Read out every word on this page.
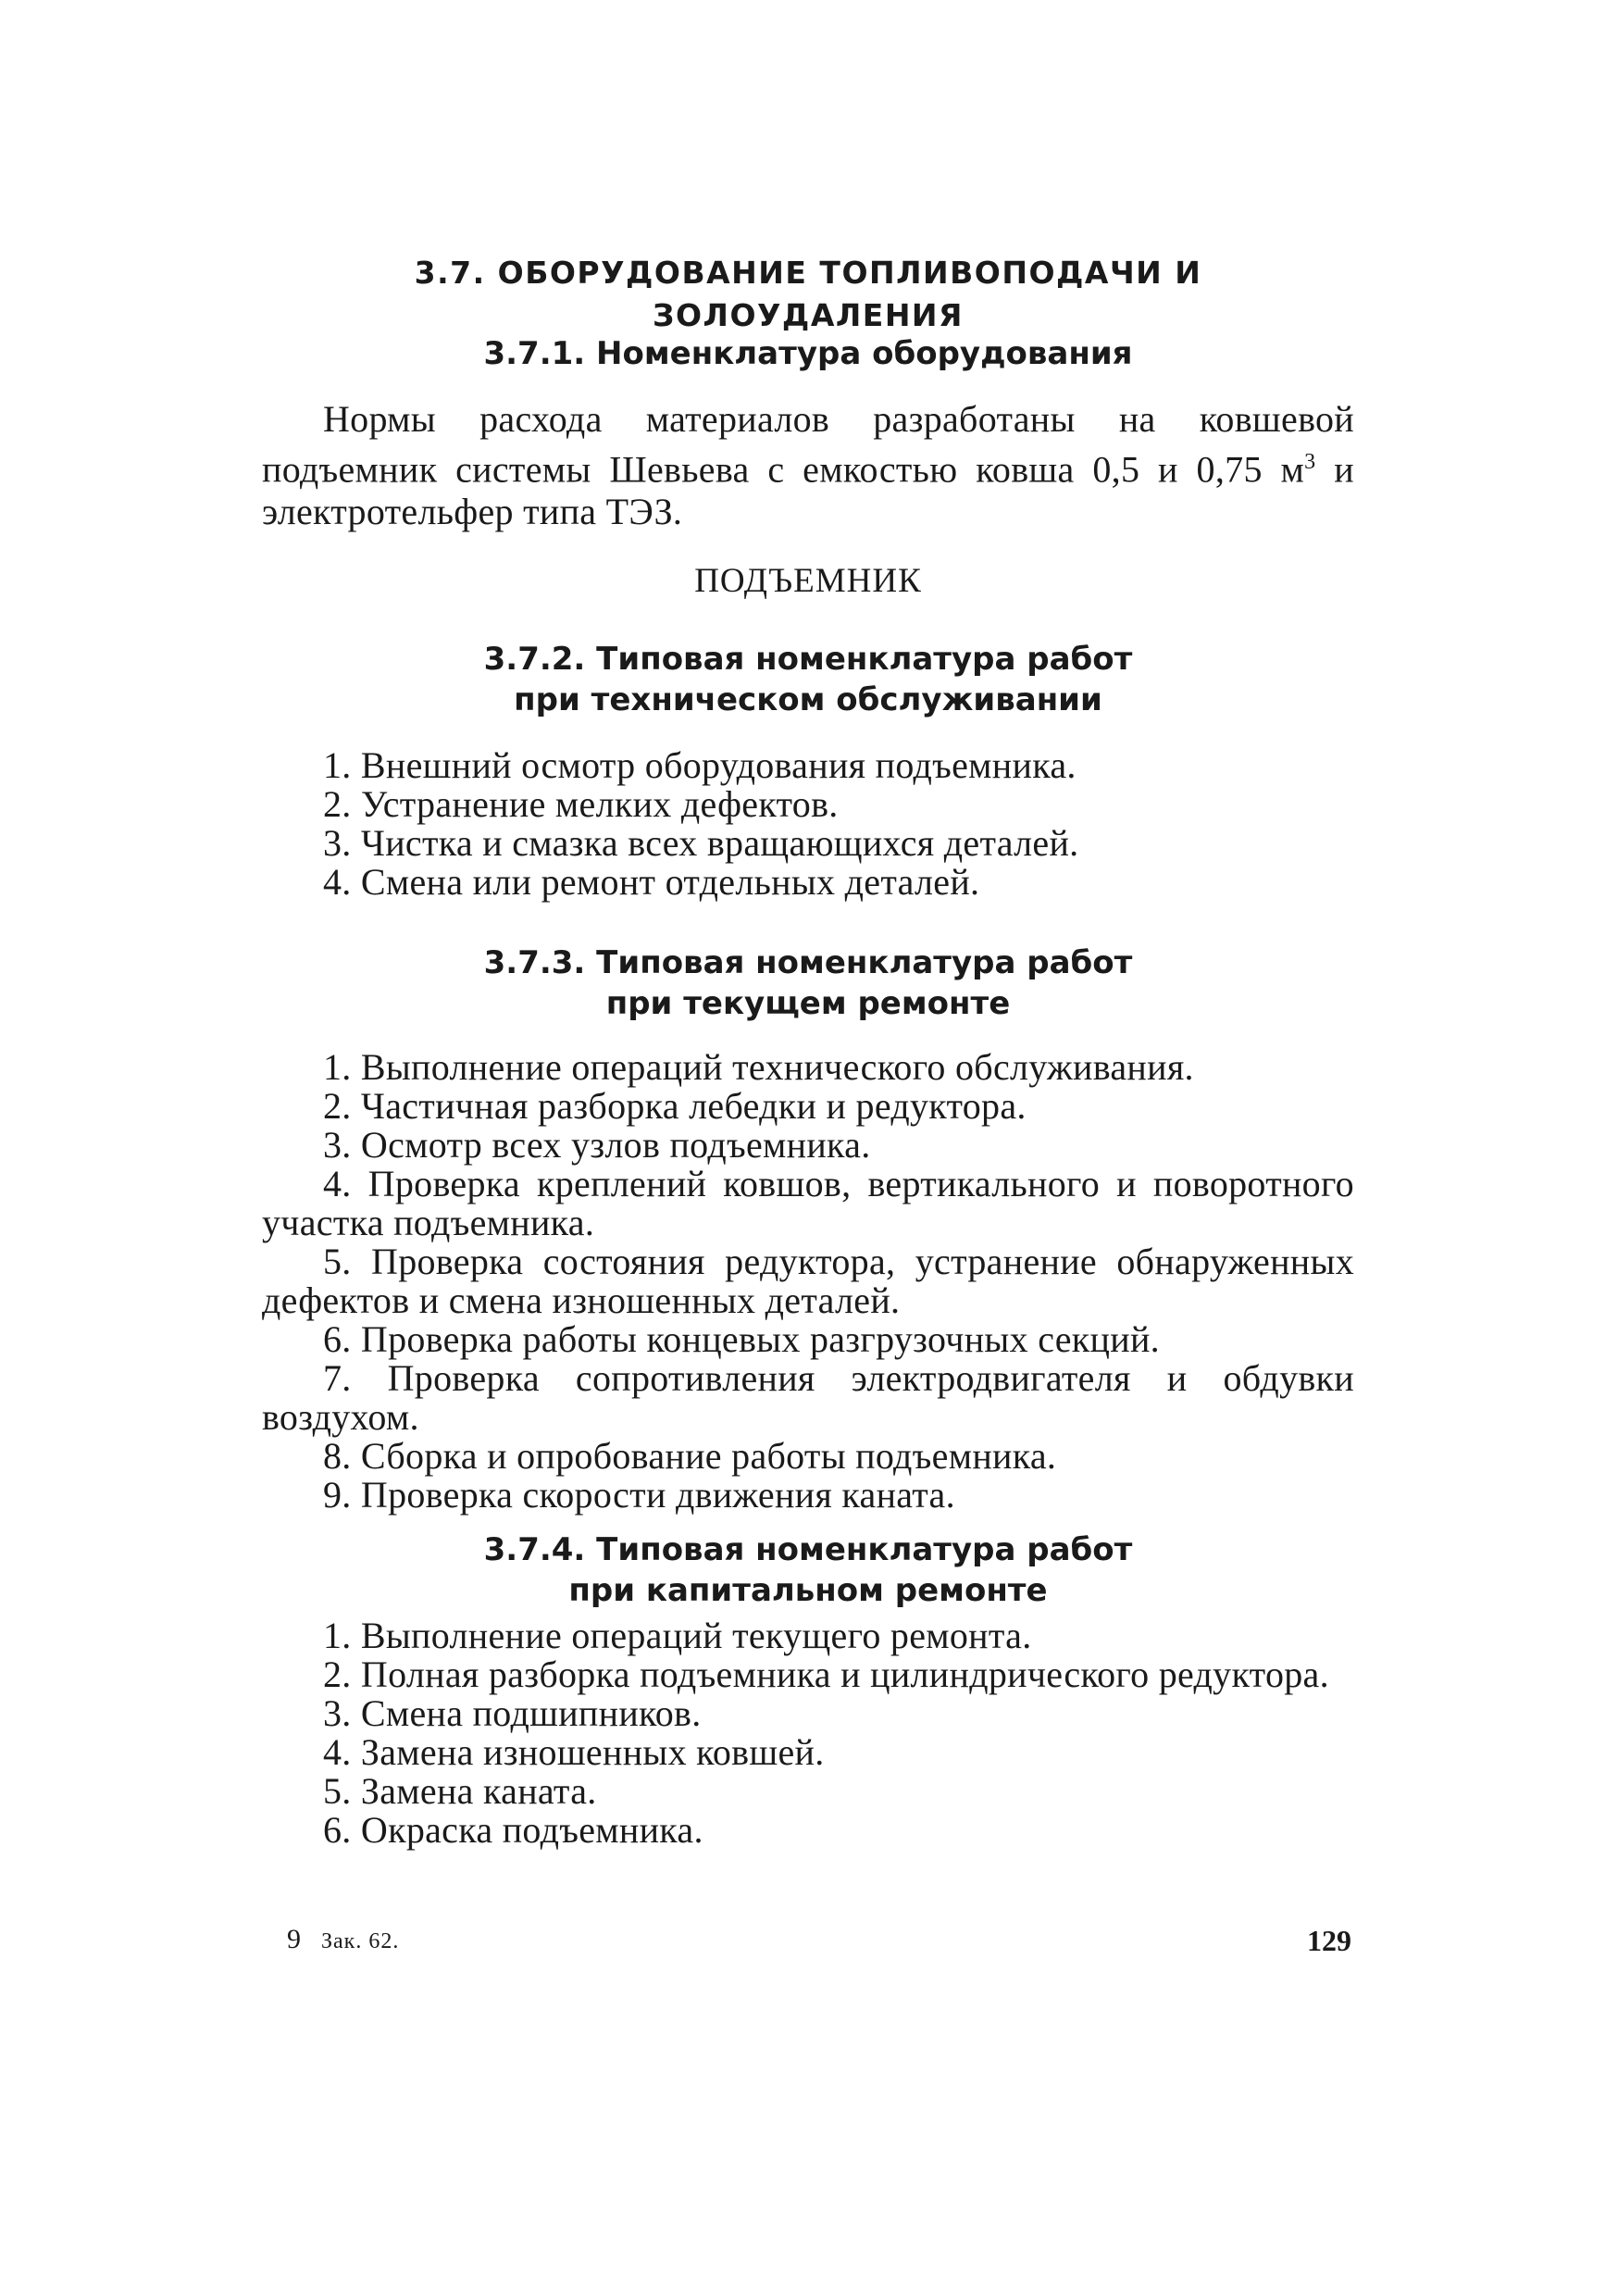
3.7. ОБОРУДОВАНИЕ ТОПЛИВОПОДАЧИ И ЗОЛОУДАЛЕНИЯ

3.7.1. Номенклатура оборудования

Нормы расхода материалов разработаны на ковшевой подъемник системы Шевьева с емкостью ковша 0,5 и 0,75 $м^3$ и электротельфер типа ТЭЗ.

ПОДЪЕМНИК

3.7.2. Типовая номенклатура работ

при техническом обслуживании

1. Внешний осмотр оборудования подъемника.
2. Устранение мелких дефектов.
3. Чистка и смазка всех вращающихся деталей.
4. Смена или ремонт отдельных деталей.

3.7.3. Типовая номенклатура работ

при текущем ремонте

1. Выполнение операций технического обслуживания.
2. Частичная разборка лебедки и редуктора.
3. Осмотр всех узлов подъемника.
4. Проверка креплений ковшов, вертикального и поворотного участка подъемника.
5. Проверка состояния редуктора, устранение обнаруженных дефектов и смена изношенных деталей.
6. Проверка работы концевых разгрузочных секций.
7. Проверка сопротивления электродвигателя и обдувки воздухом.
8. Сборка и опробование работы подъемника.
9. Проверка скорости движения каната.

3.7.4. Типовая номенклатура работ

при капитальном ремонте

1. Выполнение операций текущего ремонта.
2. Полная разборка подъемника и цилиндрического редуктора.
3. Смена подшипников.
4. Замена изношенных ковшей.
5. Замена каната.
6. Окраска подъемника.
9 Зак. 62.	129
